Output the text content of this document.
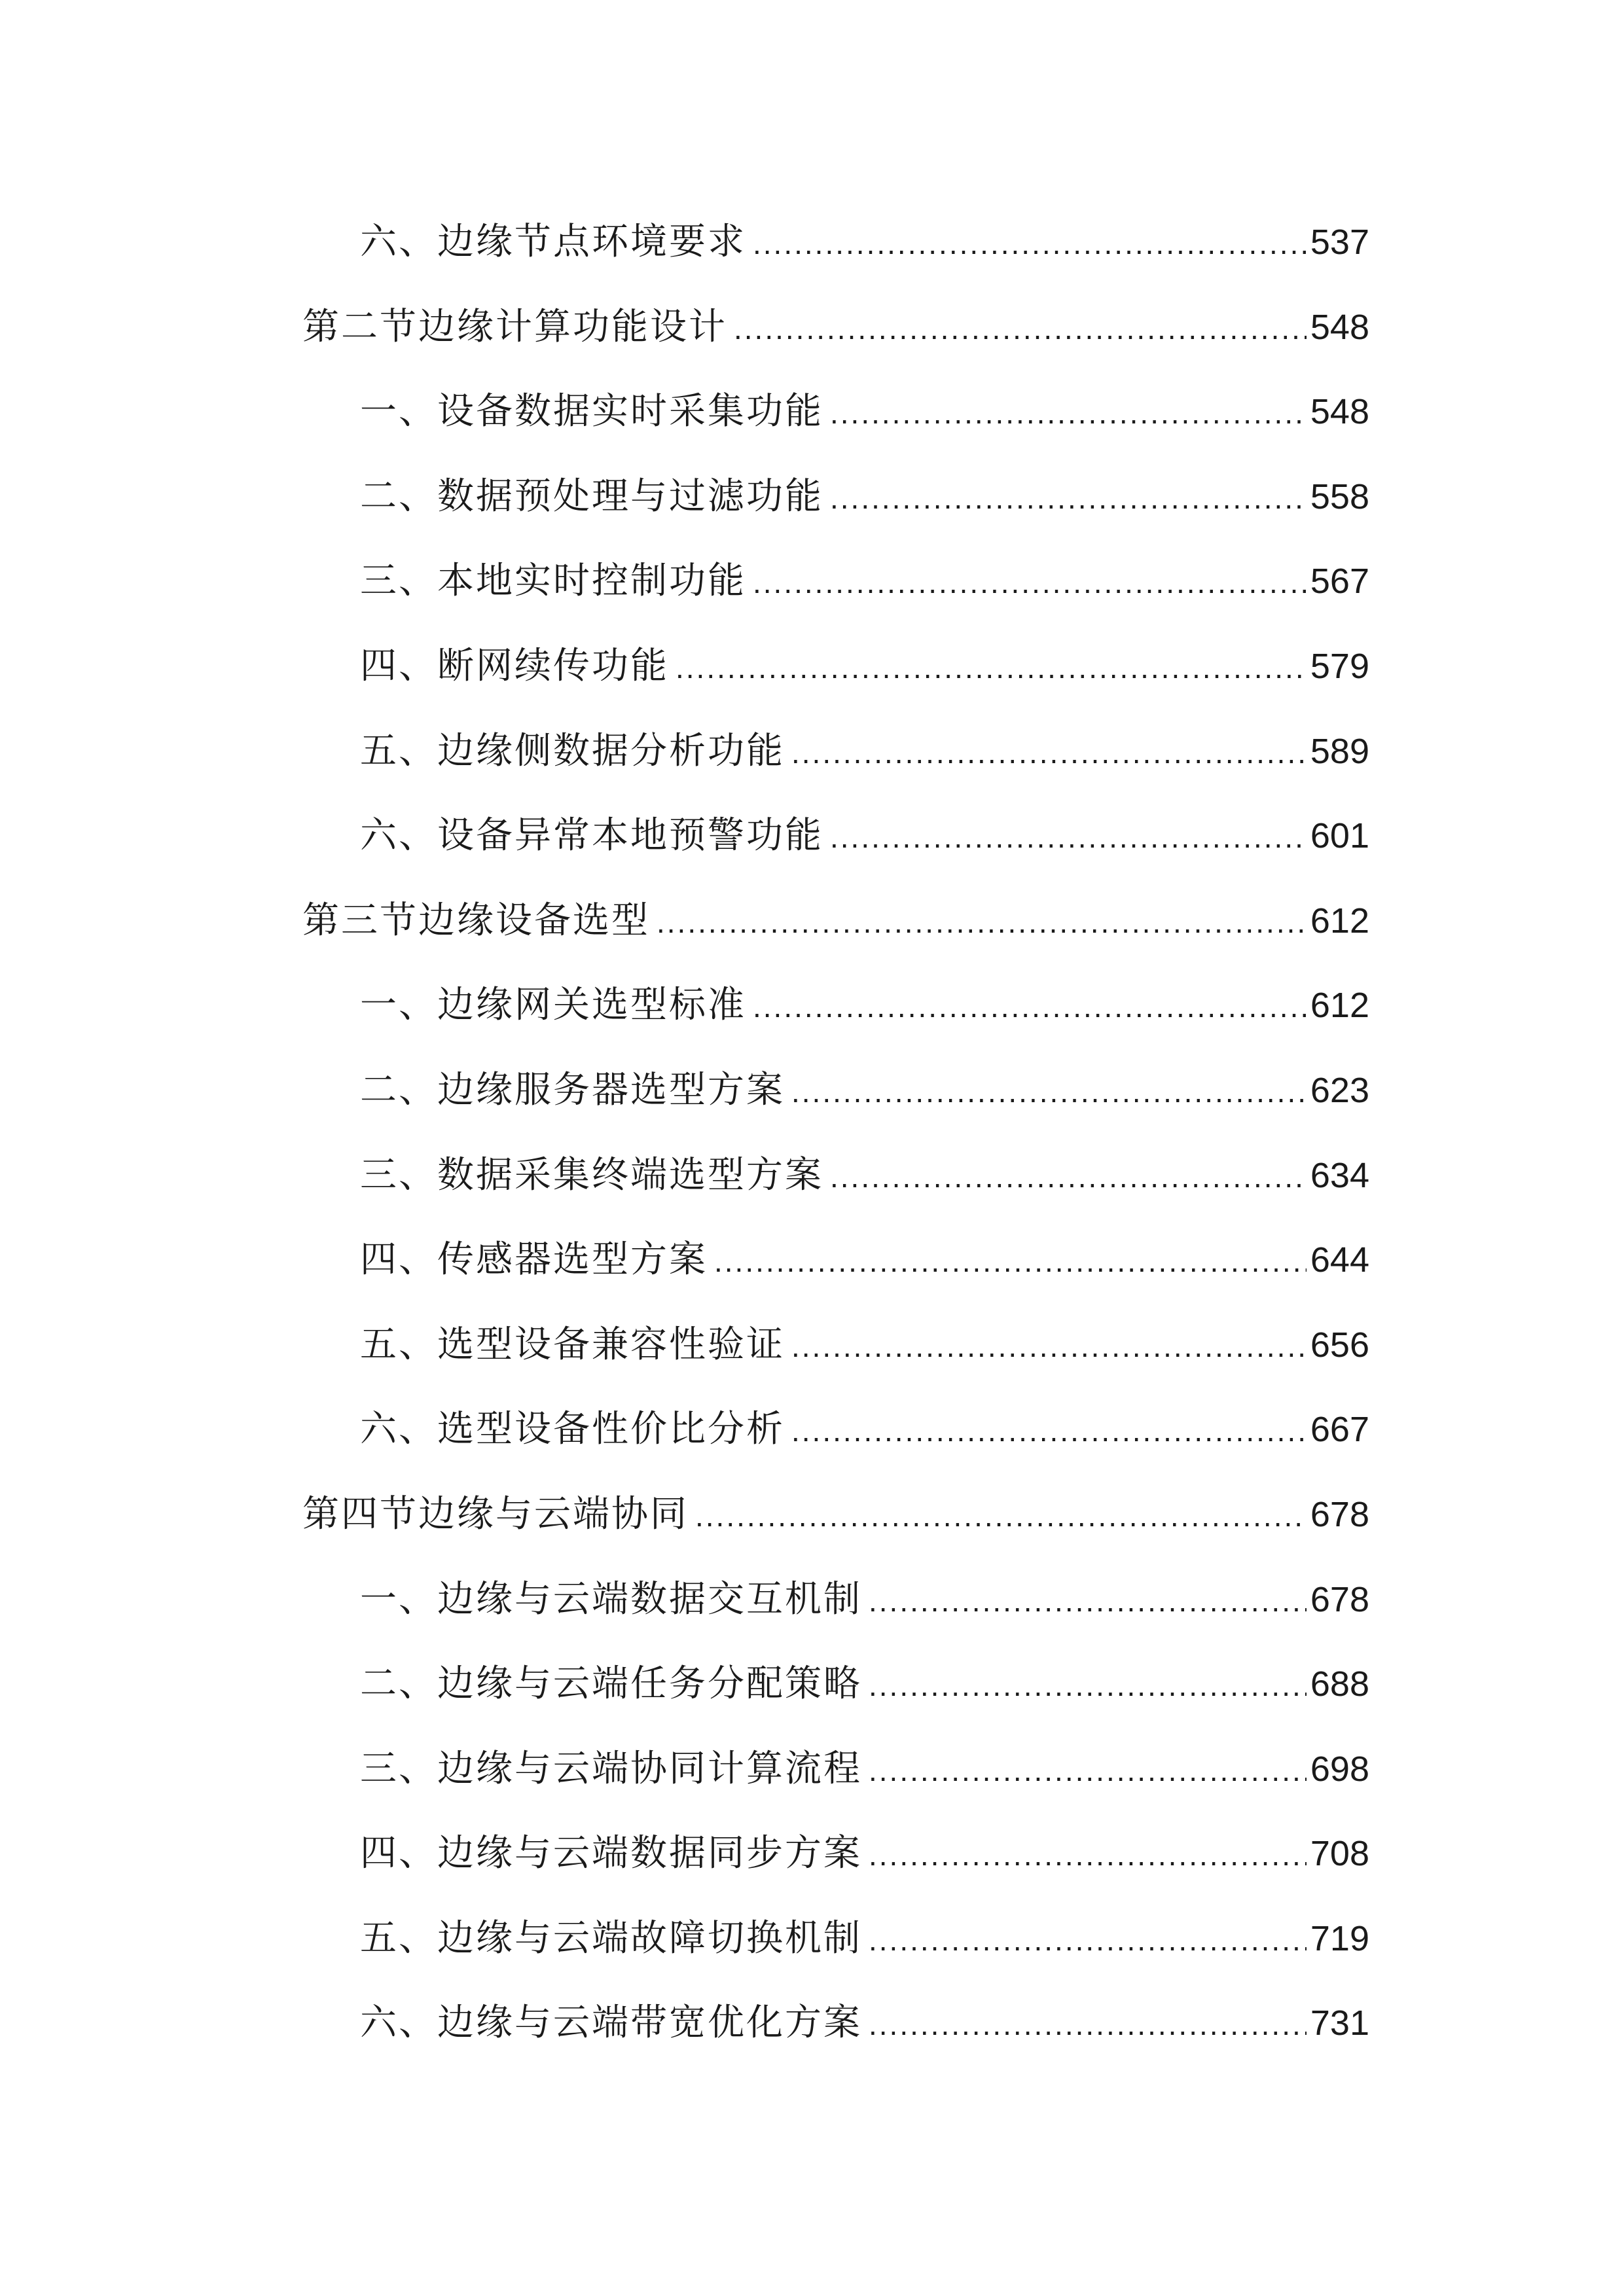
六、边缘节点环境要求 .....	537
第二节边缘计算功能设计 .....	548
一、设备数据实时采集功能 .....	548
二、数据预处理与过滤功能 .....	558
三、本地实时控制功能 .....	567
四、断网续传功能 .....	579
五、边缘侧数据分析功能 .....	589
六、设备异常本地预警功能 .....	601
第三节边缘设备选型 .....	612
一、边缘网关选型标准 .....	612
二、边缘服务器选型方案 .....	623
三、数据采集终端选型方案 .....	634
四、传感器选型方案 .....	644
五、选型设备兼容性验证 .....	656
六、选型设备性价比分析 .....	667
第四节边缘与云端协同 .....	678
一、边缘与云端数据交互机制 .....	678
二、边缘与云端任务分配策略 .....	688
三、边缘与云端协同计算流程 .....	698
四、边缘与云端数据同步方案 .....	708
五、边缘与云端故障切换机制 .....	719
六、边缘与云端带宽优化方案 .....	731
